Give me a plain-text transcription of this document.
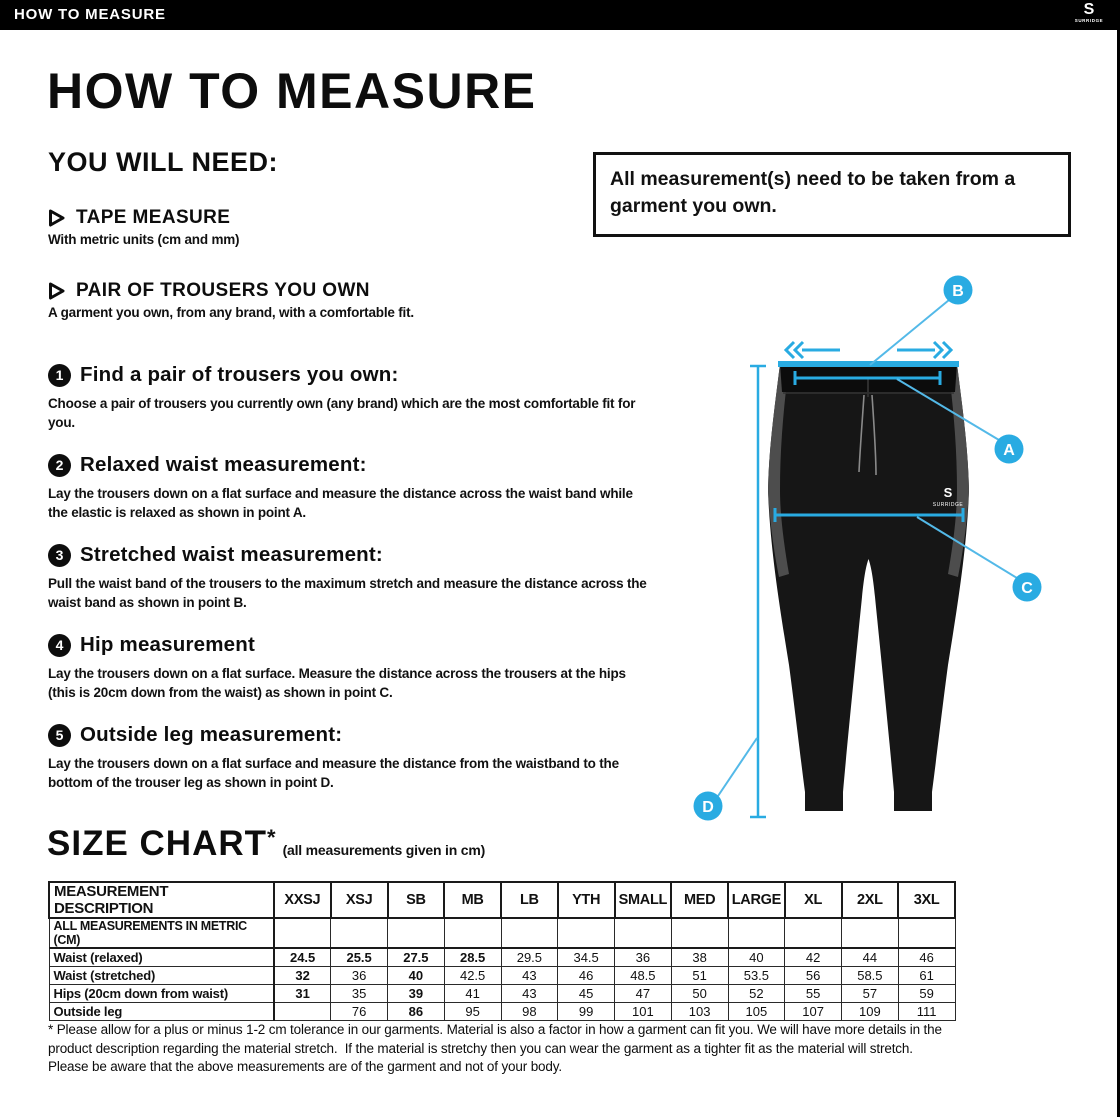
HOW TO MEASURE	S
SURRIDGE
HOW TO MEASURE
YOU WILL NEED:
TAPE MEASURE
With metric units (cm and mm)
PAIR OF TROUSERS YOU OWN
A garment you own, from any brand, with a comfortable fit.

All measurement(s) need to be taken from a garment you own.

1 Find a pair of trousers you own:
Choose a pair of trousers you currently own (any brand) which are the most comfortable fit for you.
2 Relaxed waist measurement:
Lay the trousers down on a flat surface and measure the distance across the waist band while the elastic is relaxed as shown in point A.
3 Stretched waist measurement:
Pull the waist band of the trousers to the maximum stretch and measure the distance across the waist band as shown in point B.
4 Hip measurement
Lay the trousers down on a flat surface. Measure the distance across the trousers at the hips (this is 20cm down from the waist) as shown in point C.
5 Outside leg measurement:
Lay the trousers down on a flat surface and measure the distance from the waistband to the bottom of the trouser leg as shown in point D.
S
SURRIDGE
A
B
C
D
SIZE CHART* (all measurements given in cm)
MEASUREMENT DESCRIPTION	XXSJ	XSJ	SB	MB	LB	YTH	SMALL	MED	LARGE	XL	2XL	3XL
ALL MEASUREMENTS IN METRIC (CM)												
Waist (relaxed)	24.5	25.5	27.5	28.5	29.5	34.5	36	38	40	42	44	46
Waist (stretched)	32	36	40	42.5	43	46	48.5	51	53.5	56	58.5	61
Hips (20cm down from waist)	31	35	39	41	43	45	47	50	52	55	57	59
Outside leg		76	86	95	98	99	101	103	105	107	109	111

* Please allow for a plus or minus 1-2 cm tolerance in our garments. Material is also a factor in how a garment can fit you. We will have more details in the product description regarding the material stretch.  If the material is stretchy then you can wear the garment as a tighter fit as the material will stretch.  Please be aware that the above measurements are of the garment and not of your body.
